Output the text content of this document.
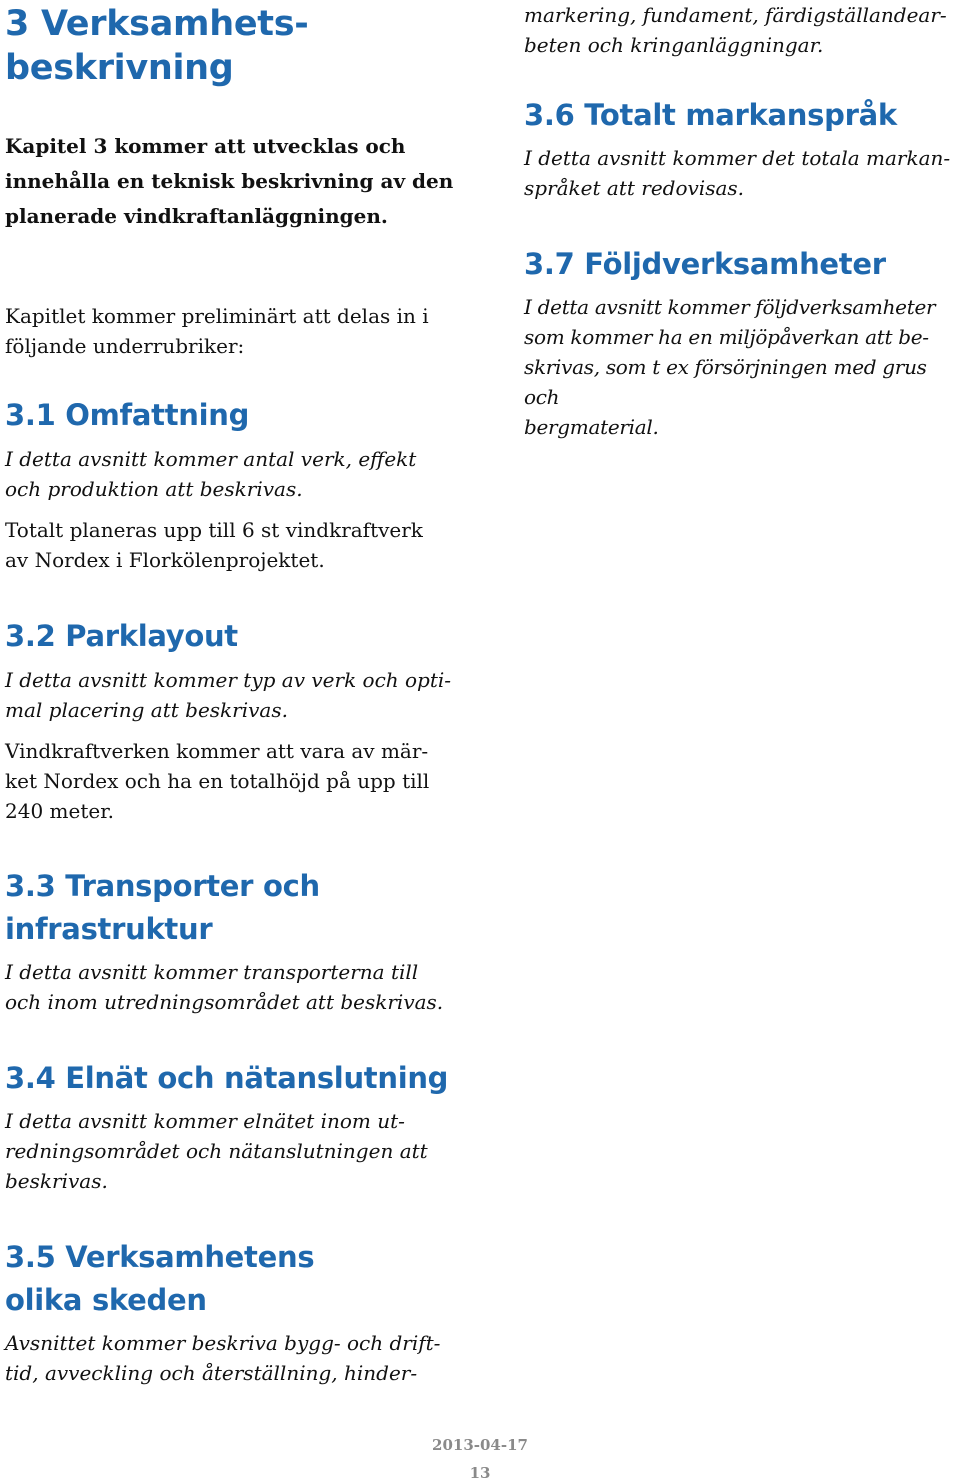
3 Verksamhets-
beskrivning

Kapitel 3 kommer att utvecklas och

innehålla en teknisk beskrivning av den

planerade vindkraftanläggningen.

Kapitlet kommer preliminärt att delas in i

följande underrubriker:

3.1 Omfattning

I detta avsnitt kommer antal verk, effekt

och produktion att beskrivas.

Totalt planeras upp till 6 st vindkraftverk

av Nordex i Florkölenprojektet.

3.2 Parklayout

I detta avsnitt kommer typ av verk och opti-

mal placering att beskrivas.

Vindkraftverken kommer att vara av mär-

ket Nordex och ha en totalhöjd på upp till

240 meter.

3.3 Transporter och
infrastruktur

I detta avsnitt kommer transporterna till

och inom utredningsområdet att beskrivas.

3.4 Elnät och nätanslutning

I detta avsnitt kommer elnätet inom ut-

redningsområdet och nätanslutningen att

beskrivas.

3.5 Verksamhetens
olika skeden

Avsnittet kommer beskriva bygg- och drift-

tid, avveckling och återställning, hinder-

markering, fundament, färdigställandear-

beten och kringanläggningar.

3.6 Totalt markanspråk

I detta avsnitt kommer det totala markan-

språket att redovisas.

3.7 Följdverksamheter

I detta avsnitt kommer följdverksamheter

som kommer ha en miljöpåverkan att be-

skrivas, som t ex försörjningen med grus och

bergmaterial.

2013-04-17
13
